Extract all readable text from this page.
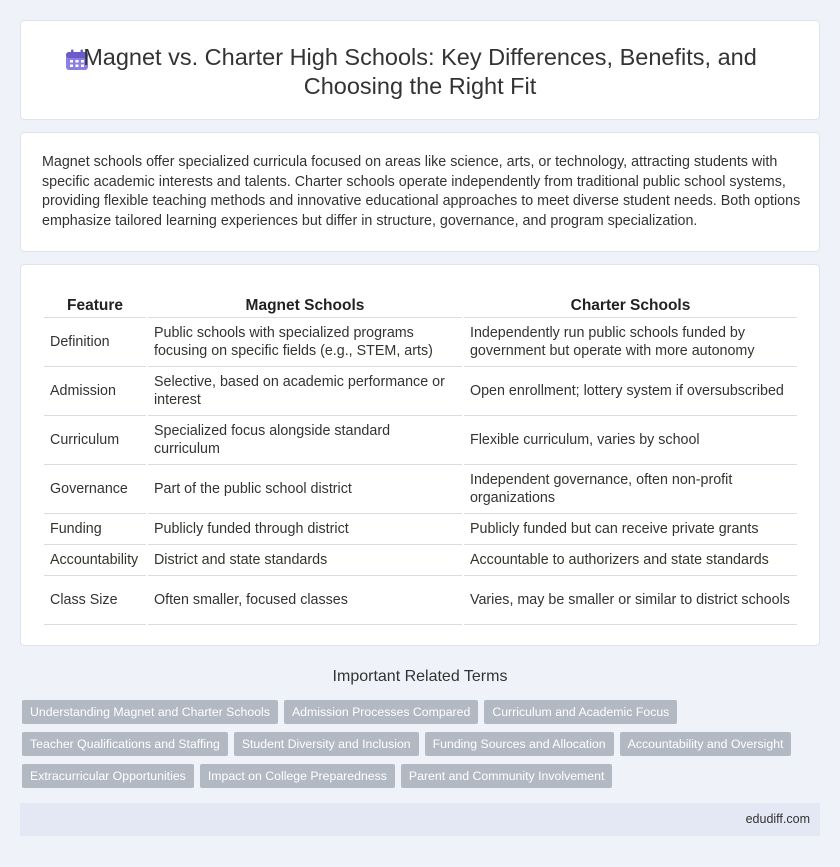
Magnet vs. Charter High Schools: Key Differences, Benefits, and Choosing the Right Fit

Magnet schools offer specialized curricula focused on areas like science, arts, or technology, attracting students with specific academic interests and talents. Charter schools operate independently from traditional public school systems, providing flexible teaching methods and innovative educational approaches to meet diverse student needs. Both options emphasize tailored learning experiences but differ in structure, governance, and program specialization.

Feature	Magnet Schools	Charter Schools
Definition	Public schools with specialized programs focusing on specific fields (e.g., STEM, arts)	Independently run public schools funded by government but operate with more autonomy
Admission	Selective, based on academic performance or interest	Open enrollment; lottery system if oversubscribed
Curriculum	Specialized focus alongside standard curriculum	Flexible curriculum, varies by school
Governance	Part of the public school district	Independent governance, often non-profit organizations
Funding	Publicly funded through district	Publicly funded but can receive private grants
Accountability	District and state standards	Accountable to authorizers and state standards
Class Size	Often smaller, focused classes	Varies, may be smaller or similar to district schools
Important Related Terms
Understanding Magnet and Charter Schools	Admission Processes Compared	Curriculum and Academic Focus
Teacher Qualifications and Staffing	Student Diversity and Inclusion	Funding Sources and Allocation	Accountability and Oversight
Extracurricular Opportunities	Impact on College Preparedness	Parent and Community Involvement
edudiff.com
